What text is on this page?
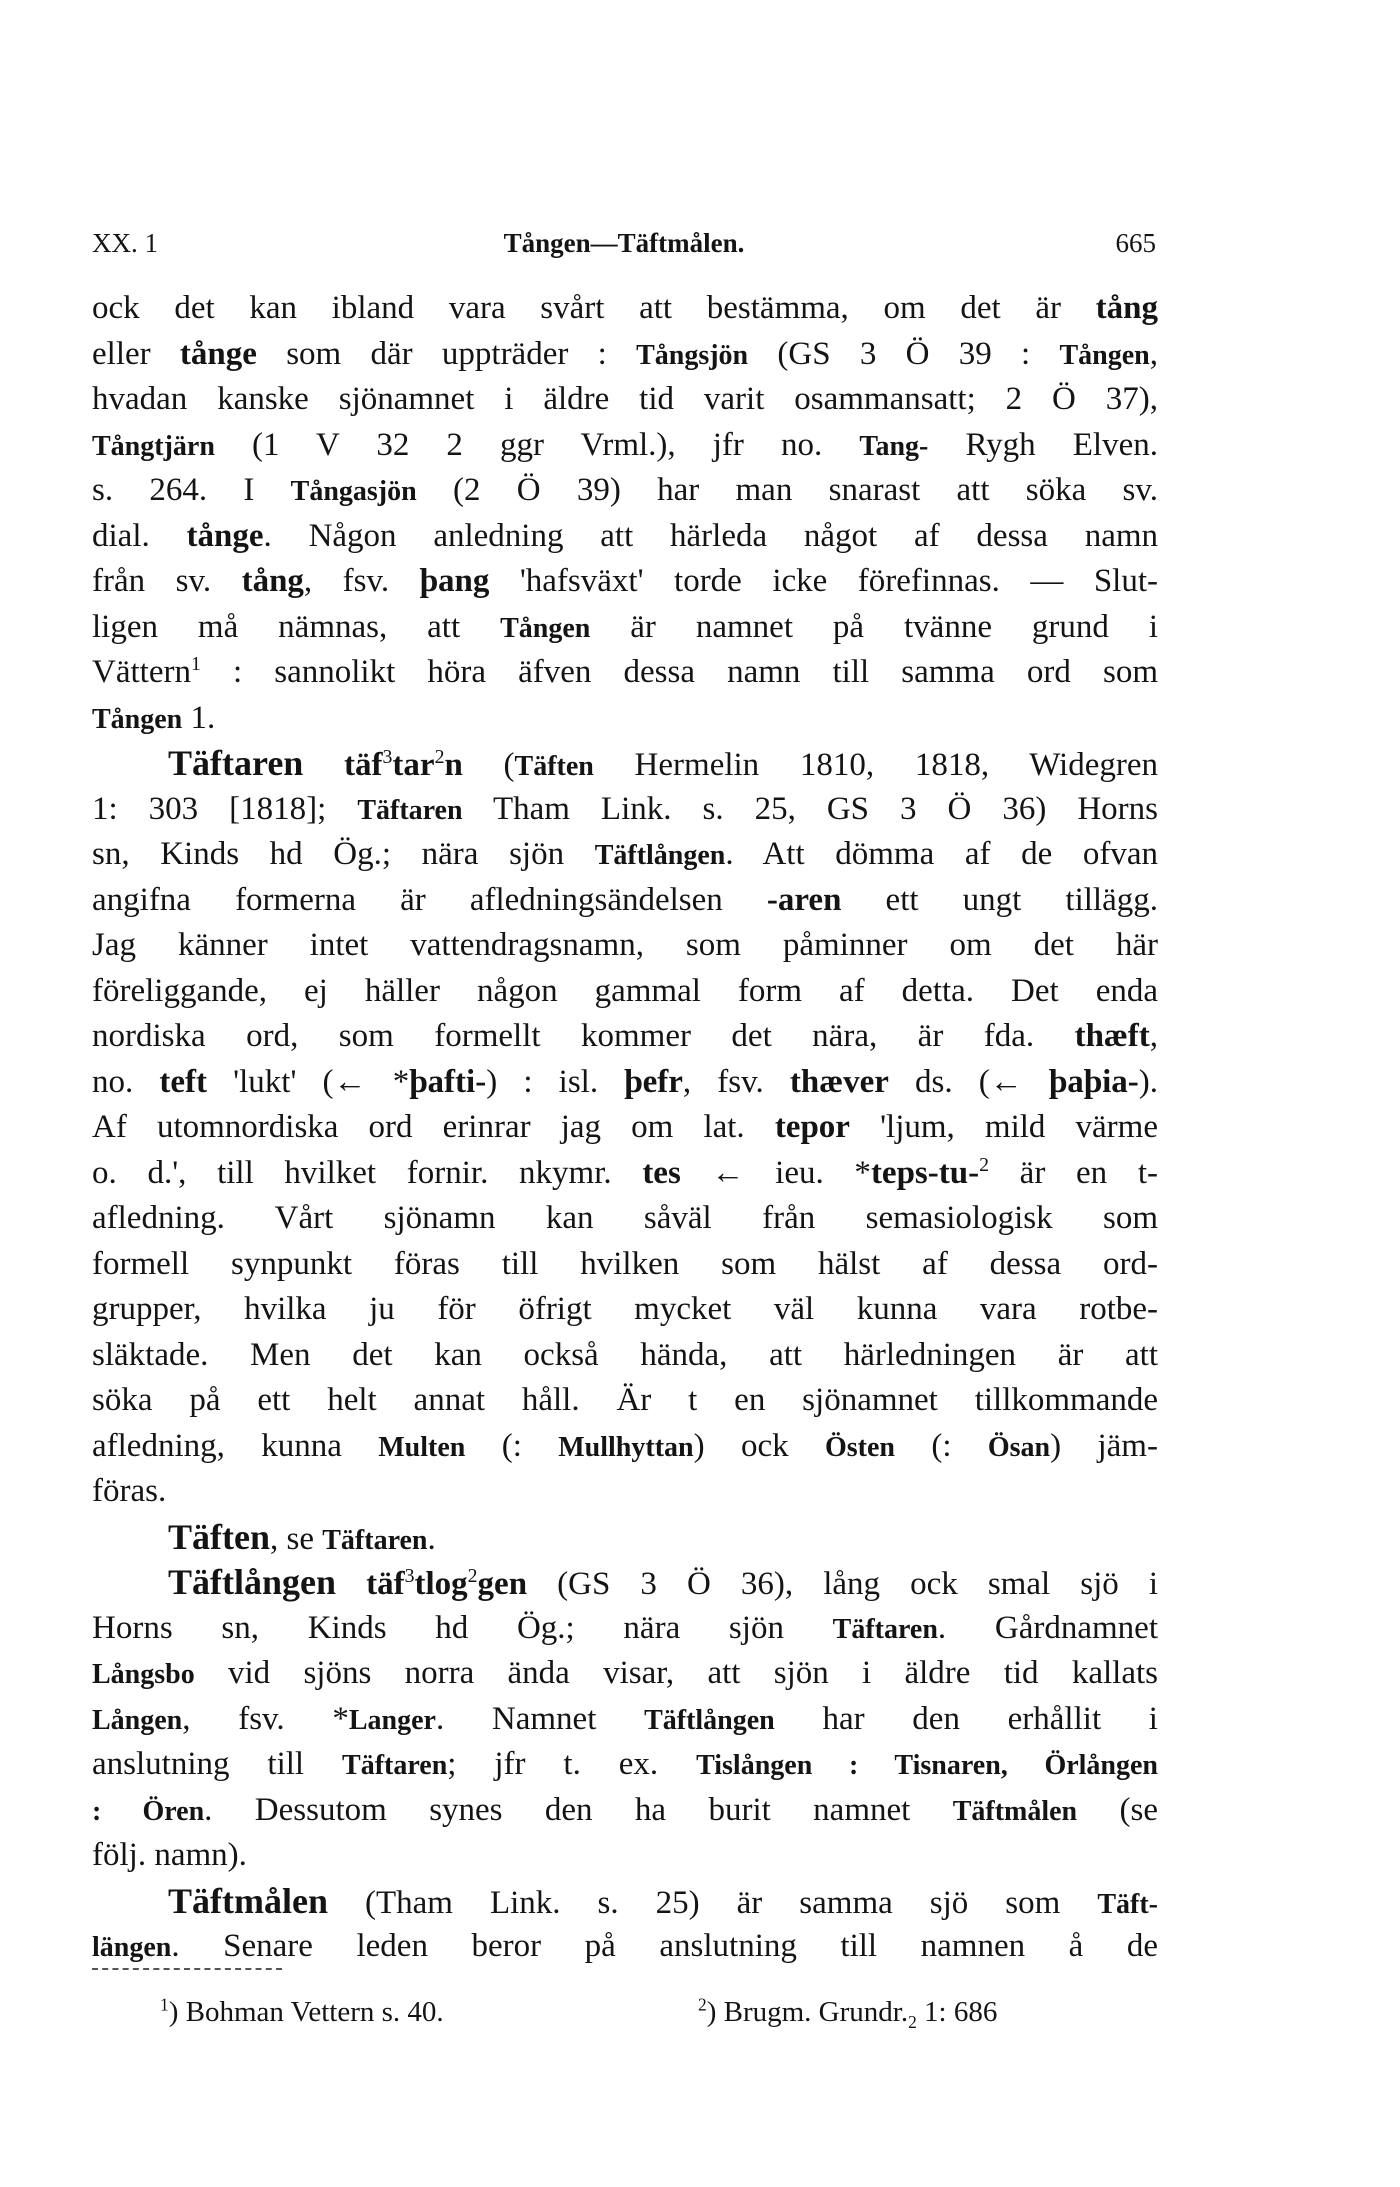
XX. 1	Tången—Täftmålen.	665
ock det kan ibland vara svårt att bestämma, om det är tång
eller tånge som där uppträder : Tångsjön (GS 3 Ö 39 : Tången,
hvadan kanske sjönamnet i äldre tid varit osammansatt; 2 Ö 37),
Tångtjärn (1 V 32 2 ggr Vrml.), jfr no. Tang- Rygh Elven.
s. 264. I Tångasjön (2 Ö 39) har man snarast att söka sv.
dial. tånge. Någon anledning att härleda något af dessa namn
från sv. tång, fsv. þang 'hafsväxt' torde icke förefinnas. — Slut-
ligen må nämnas, att Tången är namnet på tvänne grund i
Vättern$^1$ : sannolikt höra äfven dessa namn till samma ord som
Tången 1.
Täftaren täf$^3$tar$^2$n (Täften Hermelin 1810, 1818, Widegren
1: 303 [1818]; Täftaren Tham Link. s. 25, GS 3 Ö 36) Horns
sn, Kinds hd Ög.; nära sjön Täftlången. Att dömma af de ofvan
angifna formerna är afledningsändelsen -aren ett ungt tillägg.
Jag känner intet vattendragsnamn, som påminner om det här
föreliggande, ej häller någon gammal form af detta. Det enda
nordiska ord, som formellt kommer det nära, är fda. thæft,
no. teft 'lukt' (← *þafti-) : isl. þefr, fsv. thæver ds. (← þaþia-).
Af utomnordiska ord erinrar jag om lat. tepor 'ljum, mild värme
o. d.', till hvilket fornir. nkymr. tes ← ieu. *teps-tu-$^2$ är en t-
afledning. Vårt sjönamn kan såväl från semasiologisk som
formell synpunkt föras till hvilken som hälst af dessa ord-
grupper, hvilka ju för öfrigt mycket väl kunna vara rotbe-
släktade. Men det kan också hända, att härledningen är att
söka på ett helt annat håll. Är t en sjönamnet tillkommande
afledning, kunna Multen (: Mullhyttan) ock Östen (: Ösan) jäm-
föras.
Täften, se Täftaren.
Täftlången täf$^3$tlog$^2$gen (GS 3 Ö 36), lång ock smal sjö i
Horns sn, Kinds hd Ög.; nära sjön Täftaren. Gårdnamnet
Långsbo vid sjöns norra ända visar, att sjön i äldre tid kallats
Lången, fsv. *Langer. Namnet Täftlången har den erhållit i
anslutning till Täftaren; jfr t. ex. Tislången : Tisnaren, Örlången
: Ören. Dessutom synes den ha burit namnet Täftmålen (se
följ. namn).
Täftmålen (Tham Link. s. 25) är samma sjö som Täft-
längen. Senare leden beror på anslutning till namnen å de
$^1$) Bohman Vettern s. 40.	$^2$) Brugm. $Grundr._2$ 1: 686
